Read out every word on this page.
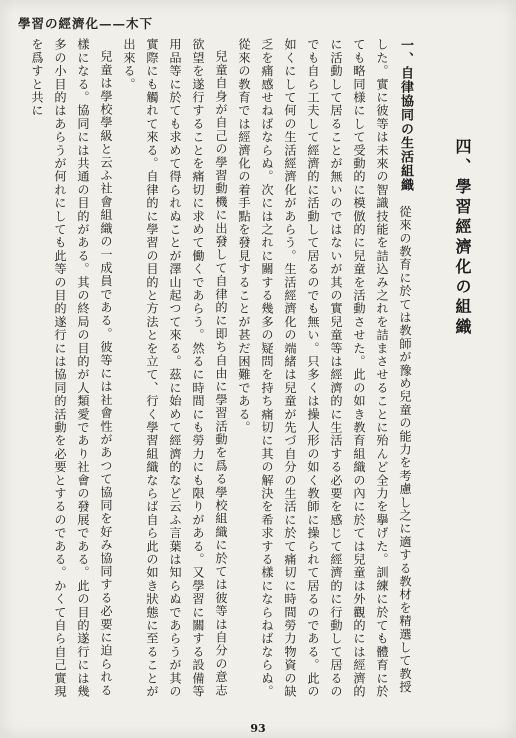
學習の經濟化——木下
四、學習經濟化の組織

一、自律協同の生活組織　從來の教育に於ては教師が豫め兒童の能力を考慮し之に適する教材を精選して教授した。實に彼等は未來の智識技能を詰込み之れを詰まさせることに殆んど全力を擧げた。訓練に於ても體育に於ても略同様にして受動的に模倣的に兒童を活動させた。此の如き教育組織の內に於ては兒童は外觀的には經濟的に活動して居ることが無いのではないが其の實兒童等は經濟的に生活する必要を感じて經濟的に行動して居るのでも自ら工夫して經濟的に活動して居るのでも無い。只多くは操人形の如く教師に操られて居るのである。此の如くにして何の生活經濟化があらう。生活經濟化の端緒は兒童が先づ自分の生活に於て痛切に時間勞力物資の缺乏を痛感せねばならぬ。次には之れに關する幾多の疑問を持ち痛切に其の解決を希求する樣にならねばならぬ。從來の教育では經濟化の着手點を發見することが甚だ困難である。

兒童自身が自己の學習動機に出發して自律的に即ち自由に學習活動を爲る學校組織に於ては彼等は自分の意志欲望を遂行することを痛切に求めて働くであらう。然るに時間にも勞力にも限りがある。又學習に關する設備等用品等に於ても求めて得られぬことが澤山起つて來る。茲に始めて經濟的など云ふ言葉は知らぬであらうが其の實際にも觸れて來る。自律的に學習の目的と方法とを立て、行く學習組織ならば自ら此の如き狀態に至ることが出來る。

兒童は學校學級と云ふ社會組織の一成員である。彼等には社會性があつて協同を好み協同する必要に迫られる樣になる。協同には共通の目的がある。其の終局の目的が人類愛であり社會の發展である。此の目的遂行には幾多の小目的はあらうが何れにしても此等の目的遂行には協同的活動を必要とするのである。かくて自ら自己實現を爲すと共に

93
